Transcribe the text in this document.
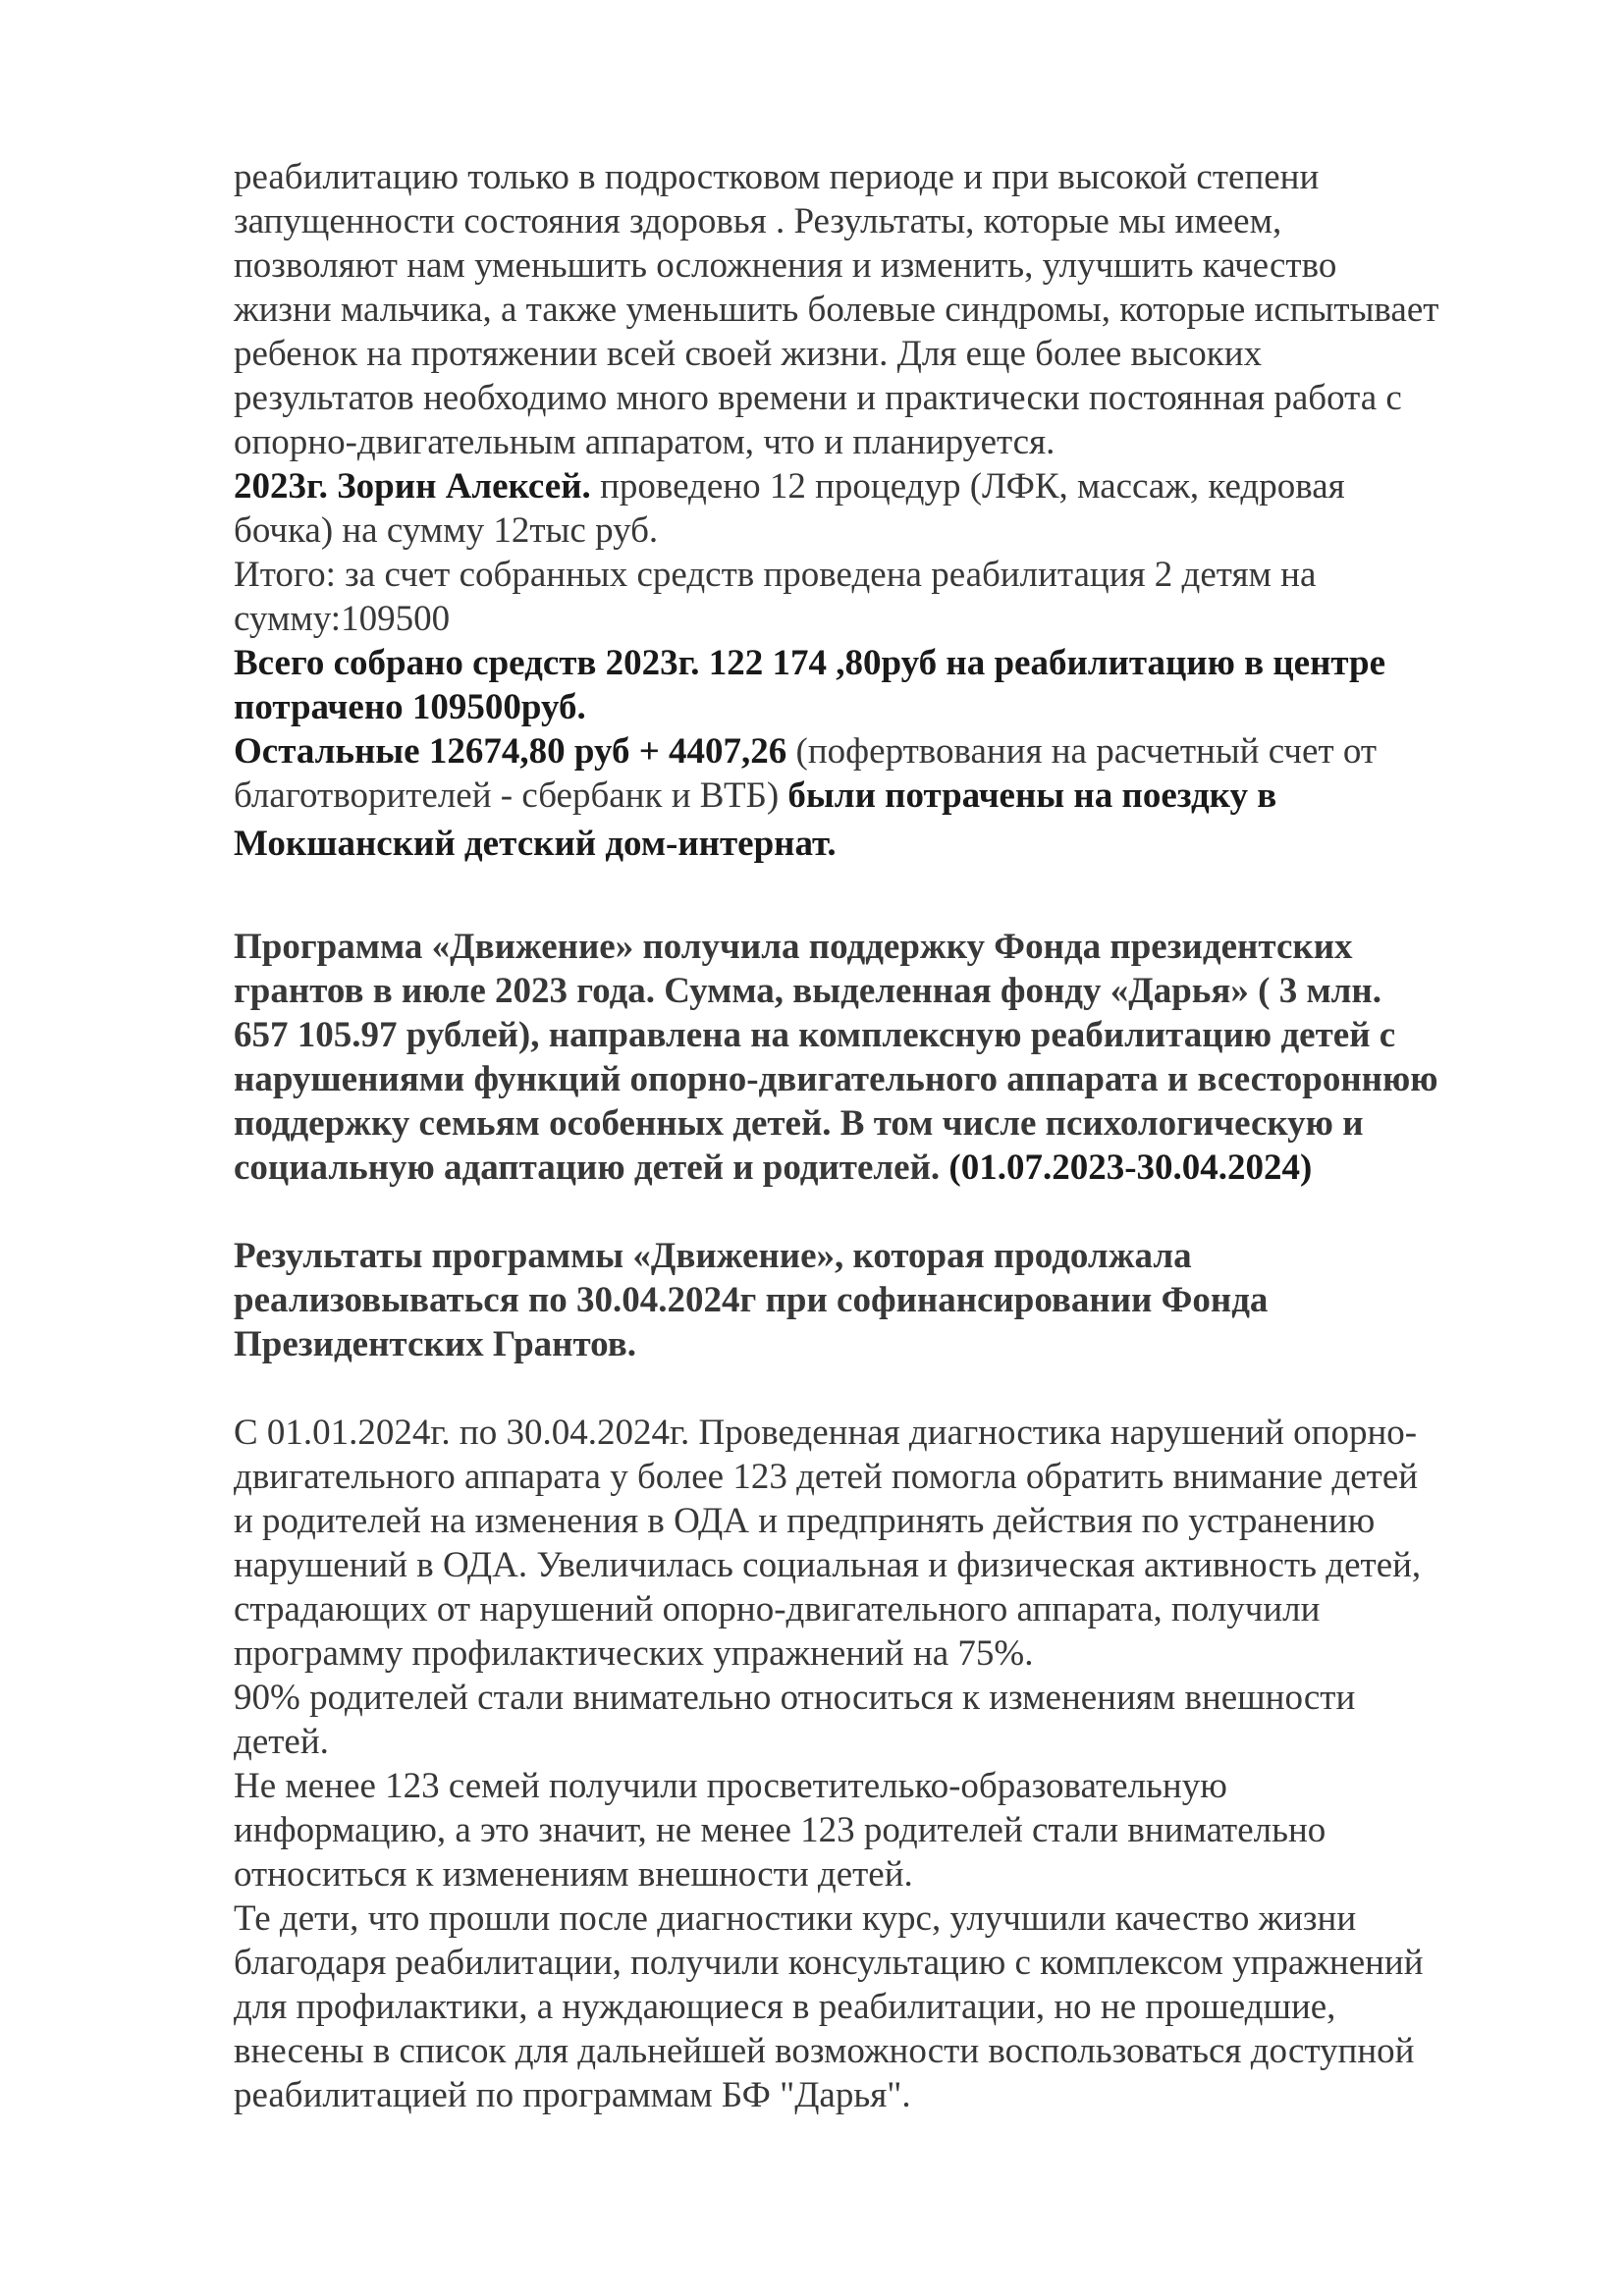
реабилитацию только в подростковом периоде и при высокой степени
запущенности состояния здоровья . Результаты, которые мы имеем,
позволяют нам уменьшить осложнения и изменить, улучшить качество
жизни мальчика, а также уменьшить болевые синдромы, которые испытывает
ребенок на протяжении всей своей жизни. Для еще более высоких
результатов необходимо много времени и практически постоянная работа с
опорно-двигательным аппаратом, что и планируется.
2023г. Зорин Алексей. проведено 12 процедур (ЛФК, массаж, кедровая
бочка) на сумму 12тыс руб.
Итого: за счет собранных средств проведена реабилитация 2 детям на
сумму:109500
Всего собрано средств 2023г. 122 174 ,80руб на реабилитацию в центре
потрачено 109500руб.
Остальные 12674,80 руб + 4407,26 (пофертвования на расчетный счет от
благотворителей - сбербанк и ВТБ) были потрачены на поездку в
Мокшанский детский дом-интернат.
Программа «Движение» получила поддержку Фонда президентских
грантов в июле 2023 года. Сумма, выделенная фонду «Дарья» ( 3 млн.
657 105.97 рублей), направлена на комплексную реабилитацию детей с
нарушениями функций опорно-двигательного аппарата и всестороннюю
поддержку семьям особенных детей. В том числе психологическую и
социальную адаптацию детей и родителей. (01.07.2023-30.04.2024)
Результаты программы «Движение», которая продолжала
реализовываться по 30.04.2024г при софинансировании Фонда
Президентских Грантов.
С 01.01.2024г. по 30.04.2024г. Проведенная диагностика нарушений опорно-
двигательного аппарата у более 123 детей помогла обратить внимание детей
и родителей на изменения в ОДА и предпринять действия по устранению
нарушений в ОДА. Увеличилась социальная и физическая активность детей,
страдающих от нарушений опорно-двигательного аппарата, получили
программу профилактических упражнений на 75%.
90% родителей стали внимательно относиться к изменениям внешности
детей.
Не менее 123 семей получили просветителько-образовательную
информацию, а это значит, не менее 123 родителей стали внимательно
относиться к изменениям внешности детей.
Те дети, что прошли после диагностики курс, улучшили качество жизни
благодаря реабилитации, получили консультацию с комплексом упражнений
для профилактики, а нуждающиеся в реабилитации, но не прошедшие,
внесены в список для дальнейшей возможности воспользоваться доступной
реабилитацией по программам БФ "Дарья".
